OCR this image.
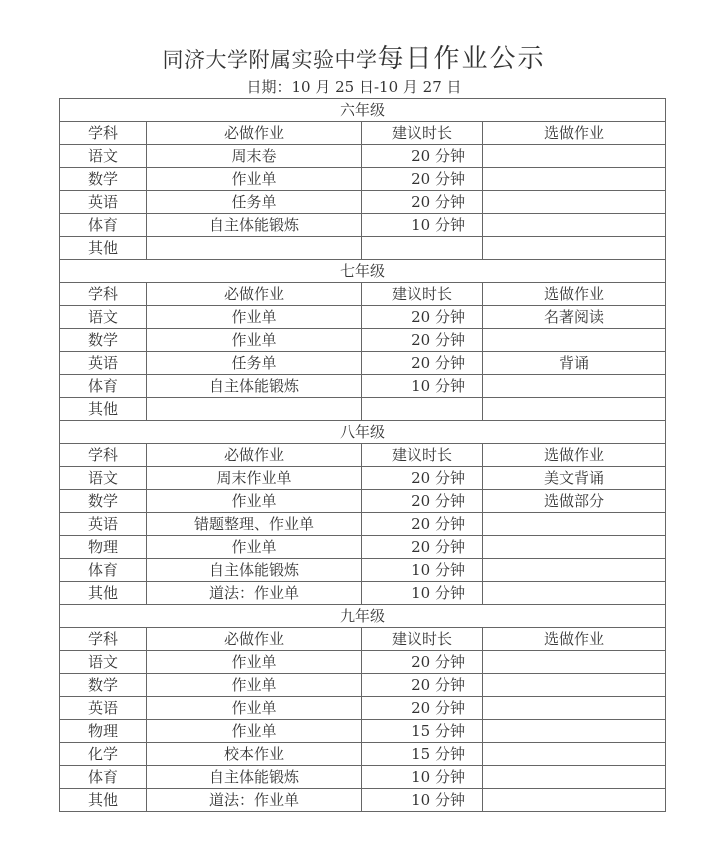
同济大学附属实验中学每日作业公示
日期：10 月 25 日-10 月 27 日
六年级			
学科	必做作业	建议时长	选做作业
语文	周末卷	20 分钟	
数学	作业单	20 分钟	
英语	任务单	20 分钟	
体育	自主体能锻炼	10 分钟	
其他			
七年级			
学科	必做作业	建议时长	选做作业
语文	作业单	20 分钟	名著阅读
数学	作业单	20 分钟	
英语	任务单	20 分钟	背诵
体育	自主体能锻炼	10 分钟	
其他			
八年级			
学科	必做作业	建议时长	选做作业
语文	周末作业单	20 分钟	美文背诵
数学	作业单	20 分钟	选做部分
英语	错题整理、作业单	20 分钟	
物理	作业单	20 分钟	
体育	自主体能锻炼	10 分钟	
其他	道法：作业单	10 分钟	
九年级			
学科	必做作业	建议时长	选做作业
语文	作业单	20 分钟	
数学	作业单	20 分钟	
英语	作业单	20 分钟	
物理	作业单	15 分钟	
化学	校本作业	15 分钟	
体育	自主体能锻炼	10 分钟	
其他	道法：作业单	10 分钟	
